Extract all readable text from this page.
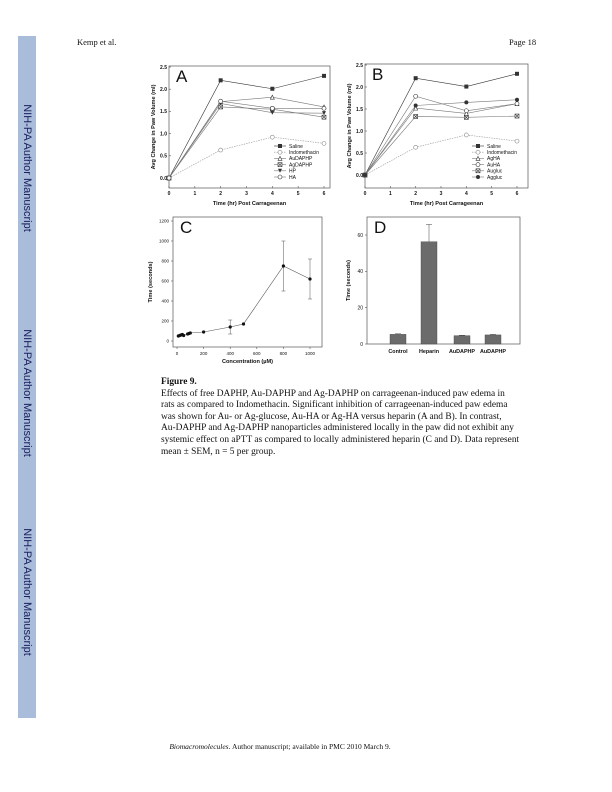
NIH-PA Author Manuscript
NIH-PA Author Manuscript
NIH-PA Author Manuscript
Kemp et al.	Page 18
A
0	1	2	3	4	5	6
0.0
0.5
1.0
1.5
2.0
2.5
Time (hr) Post Carrageenan
Avg Change in Paw Volume (ml)	Saline
Indomethacin
AuDAPHP
AgDAPHP
HP
HA
B
0	1	2	3	4	5	6
0.0
0.5
1.0
1.5
2.0
2.5
Time (hr) Post Carrageenan
Avg Change in Paw Volume (ml)	Saline
Indomethacin
AgHA
AuHA
Augluc
Aggluc
C
0	200	400	600	800	1000
0
200
400
600
800
1000
1200
Concentration (µM)
Time (seconds)
D
0
20
40
60
Time (seconds)
Control Heparin AuDAPHP AuDAPHP
Figure 9.
Effects of free DAPHP, Au-DAPHP and Ag-DAPHP on carrageenan-induced paw edema in
rats as compared to Indomethacin. Significant inhibition of carrageenan-induced paw edema
was shown for Au- or Ag-glucose, Au-HA or Ag-HA versus heparin (A and B). In contrast,
Au-DAPHP and Ag-DAPHP nanoparticles administered locally in the paw did not exhibit any
systemic effect on aPTT as compared to locally administered heparin (C and D). Data represent
mean ± SEM, n = 5 per group.
Biomacromolecules. Author manuscript; available in PMC 2010 March 9.
